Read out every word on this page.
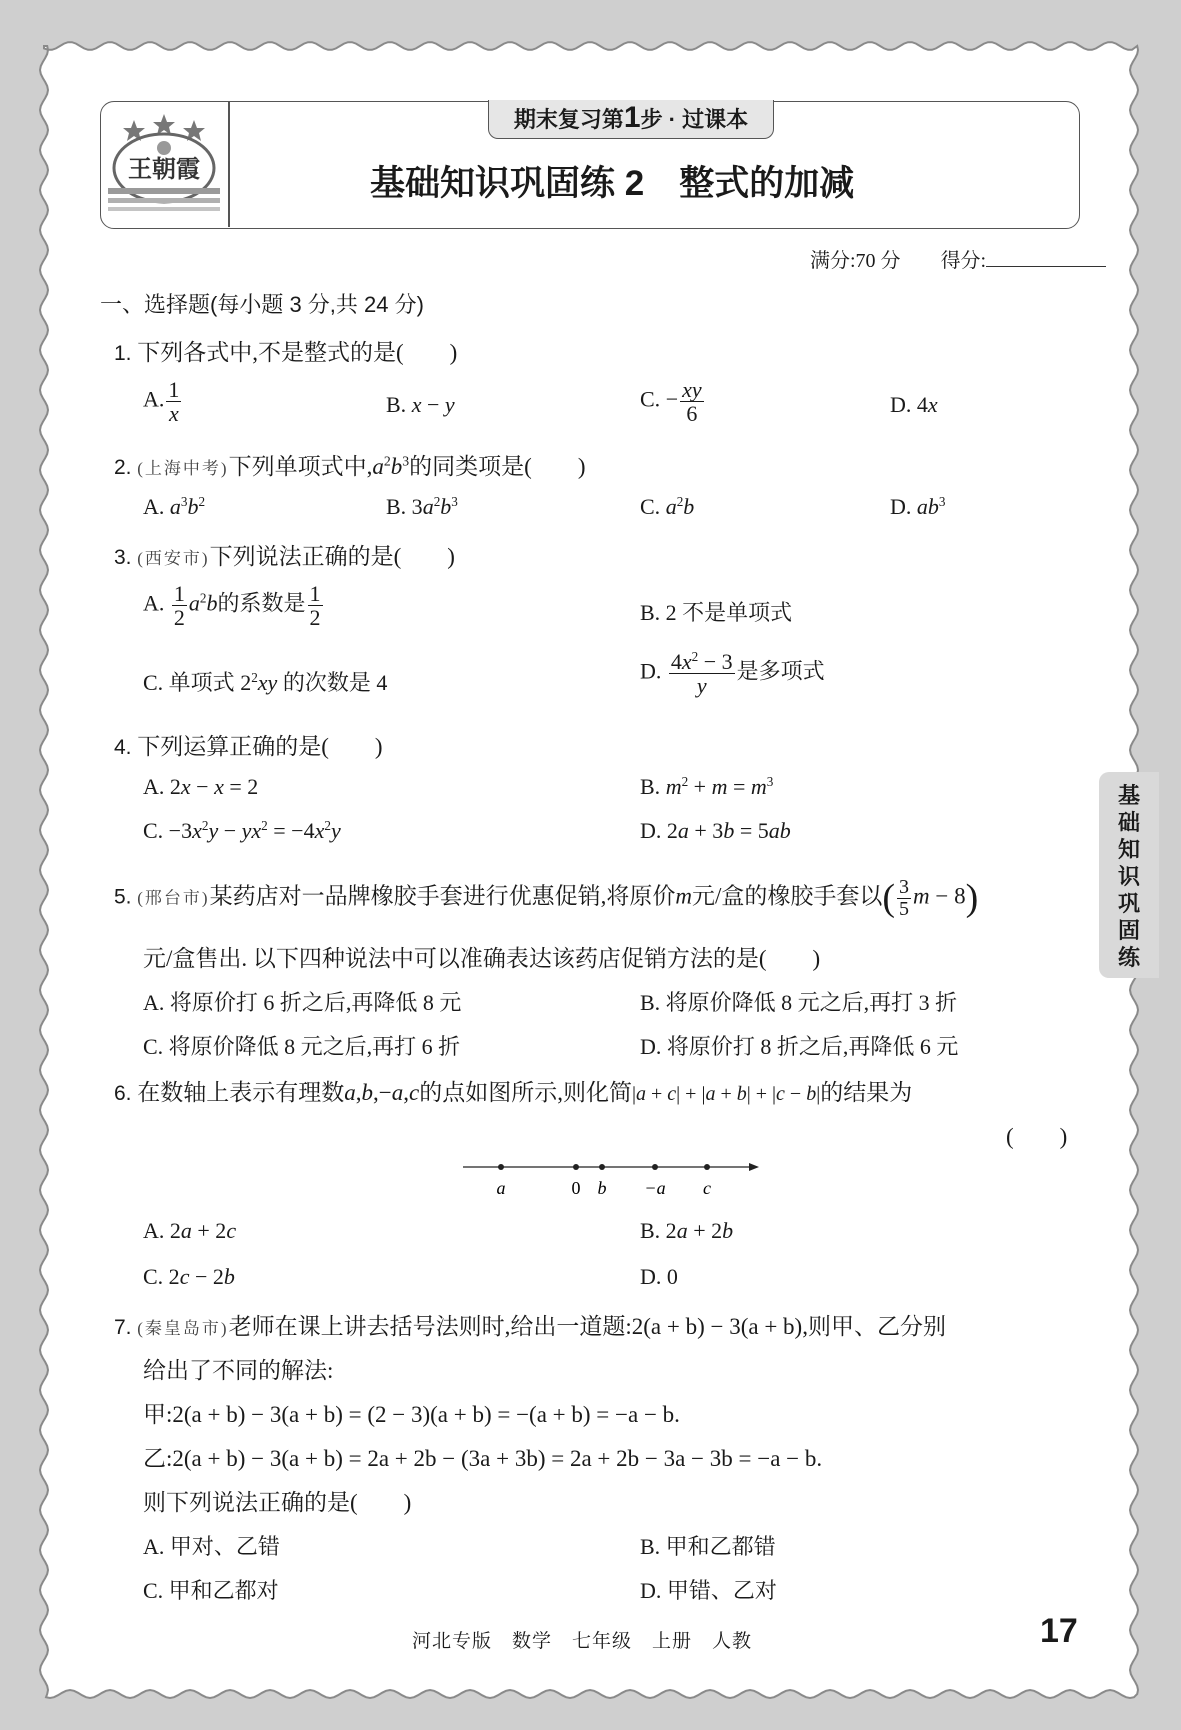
王朝霞
期末复习第1步 · 过课本
基础知识巩固练 2　整式的加减
满分:70 分　　 得分:
一、选择题(每小题 3 分,共 24 分)
1. 下列各式中,不是整式的是(　　)
A. $\frac{1}{x}$	B. x − y	C. − $\frac{xy}{6}$	D. 4x
2. (上海中考)下列单项式中$,a^2b^3$的同类项是(　　)
A. $a^3b^2$	B. $3a^2b^3$	C. $a^2b$	D. $ab^3$
3. (西安市)下列说法正确的是(　　)
A. $\frac{1}{2} a^2b$的系数是 $\frac{1}{2}$	B. 2 不是单项式
C. 单项式 $2^2xy$ 的次数是 4	D. $\frac{4x^2 - 3}{y}$ 是多项式
4. 下列运算正确的是(　　)
A. 2x − x = 2	B. $m^2 + m = m^3$
C. $-3x^2y - yx^2 = -4x^2y$	D. 2a + 3b = 5ab
5. (邢台市)某药店对一品牌橡胶手套进行优惠促销,将原价m元/盒的橡胶手套以( $\frac{3}{5}$ m − 8)
元/盒售出. 以下四种说法中可以准确表达该药店促销方法的是(　　)
A. 将原价打 6 折之后,再降低 8 元	B. 将原价降低 8 元之后,再打 3 折
C. 将原价降低 8 元之后,再打 6 折	D. 将原价打 8 折之后,再降低 6 元
6. 在数轴上表示有理数a,b,−a,c的点如图所示,则化简|a + c| + |a + b| + |c − b|的结果为
(　　)
a	0 b −a c
A. 2a + 2c	B. 2a + 2b
C. 2c − 2b	D. 0
7. (秦皇岛市)老师在课上讲去括号法则时,给出一道题:2(a + b) − 3(a + b),则甲、乙分别
给出了不同的解法:
甲:2(a + b) − 3(a + b) = (2 − 3)(a + b) = −(a + b) = −a − b.
乙:2(a + b) − 3(a + b) = 2a + 2b − (3a + 3b) = 2a + 2b − 3a − 3b = −a − b.
则下列说法正确的是(　　)
A. 甲对、乙错	B. 甲和乙都错
C. 甲和乙都对	D. 甲错、乙对
基
础
知
识
巩
固
练
河北专版　数学　七年级　上册　人教	17
